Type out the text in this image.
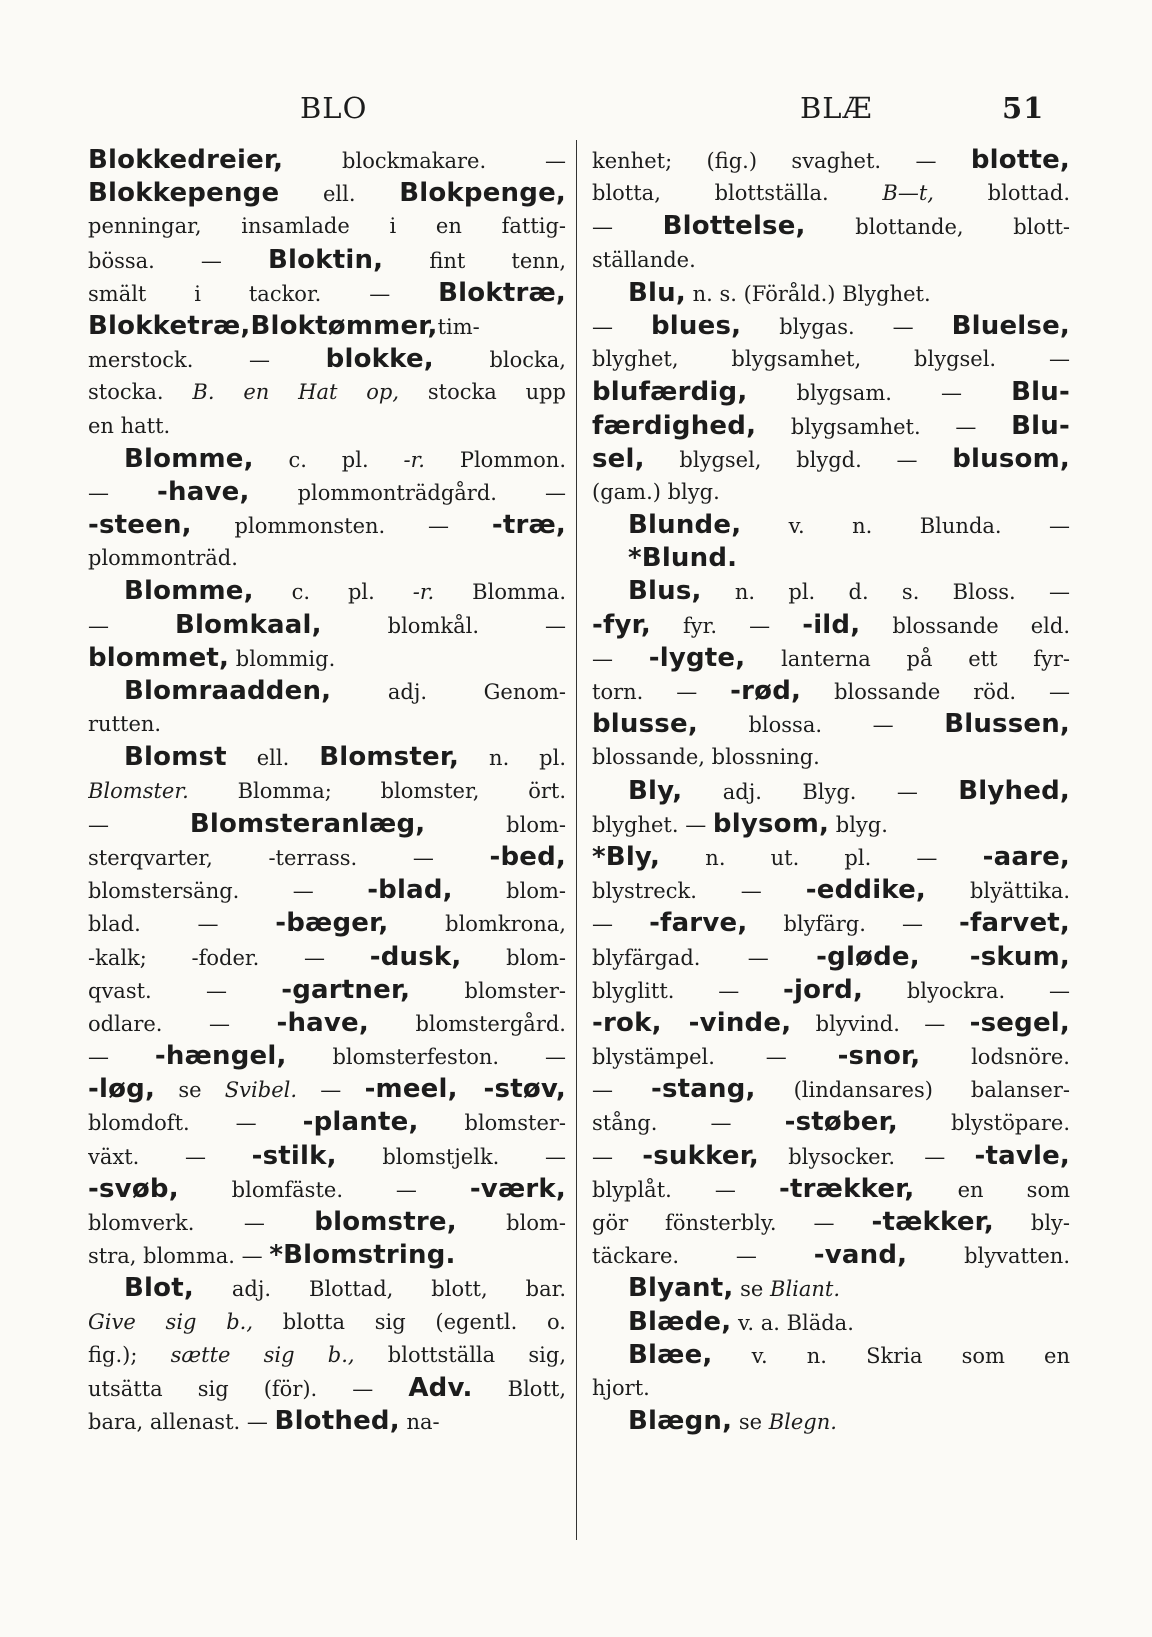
BLO	BLÆ	51
Blokkedreier, blockmakare. —
Blokkepenge ell. Blokpenge,
penningar, insamlade i en fattig-
bössa. — Bloktin, fint tenn,
smält i tackor. — Bloktræ,
Blokketræ,Bloktømmer,tim-
merstock. — blokke, blocka,
stocka. B. en Hat op, stocka upp
en hatt.
Blomme, c. pl. -r. Plommon.
— -have, plommonträdgård. —
-steen, plommonsten. — -træ,
plommonträd.
Blomme, c. pl. -r. Blomma.
— Blomkaal, blomkål. —
blommet, blommig.
Blomraadden, adj. Genom-
rutten.
Blomst ell. Blomster, n. pl.
Blomster. Blomma; blomster, ört.
— Blomsteranlæg, blom-
sterqvarter, -terrass. — -bed,
blomstersäng. — -blad, blom-
blad. — -bæger, blomkrona,
-kalk; -foder. — -dusk, blom-
qvast. — -gartner, blomster-
odlare. — -have, blomstergård.
— -hængel, blomsterfeston. —
-løg, se Svibel. — -meel, -støv,
blomdoft. — -plante, blomster-
växt. — -stilk, blomstjelk. —
-svøb, blomfäste. — -værk,
blomverk. — blomstre, blom-
stra, blomma. — *Blomstring.
Blot, adj. Blottad, blott, bar.
Give sig b., blotta sig (egentl. o.
fig.); sætte sig b., blottställa sig,
utsätta sig (för). — Adv. Blott,
bara, allenast. — Blothed, na-
kenhet; (fig.) svaghet. — blotte,
blotta, blottställa. B—t, blottad.
— Blottelse, blottande, blott-
ställande.
Blu, n. s. (Föråld.) Blyghet.
— blues, blygas. — Bluelse,
blyghet, blygsamhet, blygsel. —
blufærdig, blygsam. — Blu-
færdighed, blygsamhet. — Blu-
sel, blygsel, blygd. — blusom,
(gam.) blyg.
Blunde, v. n. Blunda. —
*Blund.
Blus, n. pl. d. s. Bloss. —
-fyr, fyr. — -ild, blossande eld.
— -lygte, lanterna på ett fyr-
torn. — -rød, blossande röd. —
blusse, blossa. — Blussen,
blossande, blossning.
Bly, adj. Blyg. — Blyhed,
blyghet. — blysom, blyg.
*Bly, n. ut. pl. — -aare,
blystreck. — -eddike, blyättika.
— -farve, blyfärg. — -farvet,
blyfärgad. — -gløde, -skum,
blyglitt. — -jord, blyockra. —
-rok, -vinde, blyvind. — -segel,
blystämpel. — -snor, lodsnöre.
— -stang, (lindansares) balanser-
stång. — -støber, blystöpare.
— -sukker, blysocker. — -tavle,
blyplåt. — -trækker, en som
gör fönsterbly. — -tækker, bly-
täckare. — -vand, blyvatten.
Blyant, se Bliant.
Blæde, v. a. Bläda.
Blæe, v. n. Skria som en
hjort.
Blægn, se Blegn.
